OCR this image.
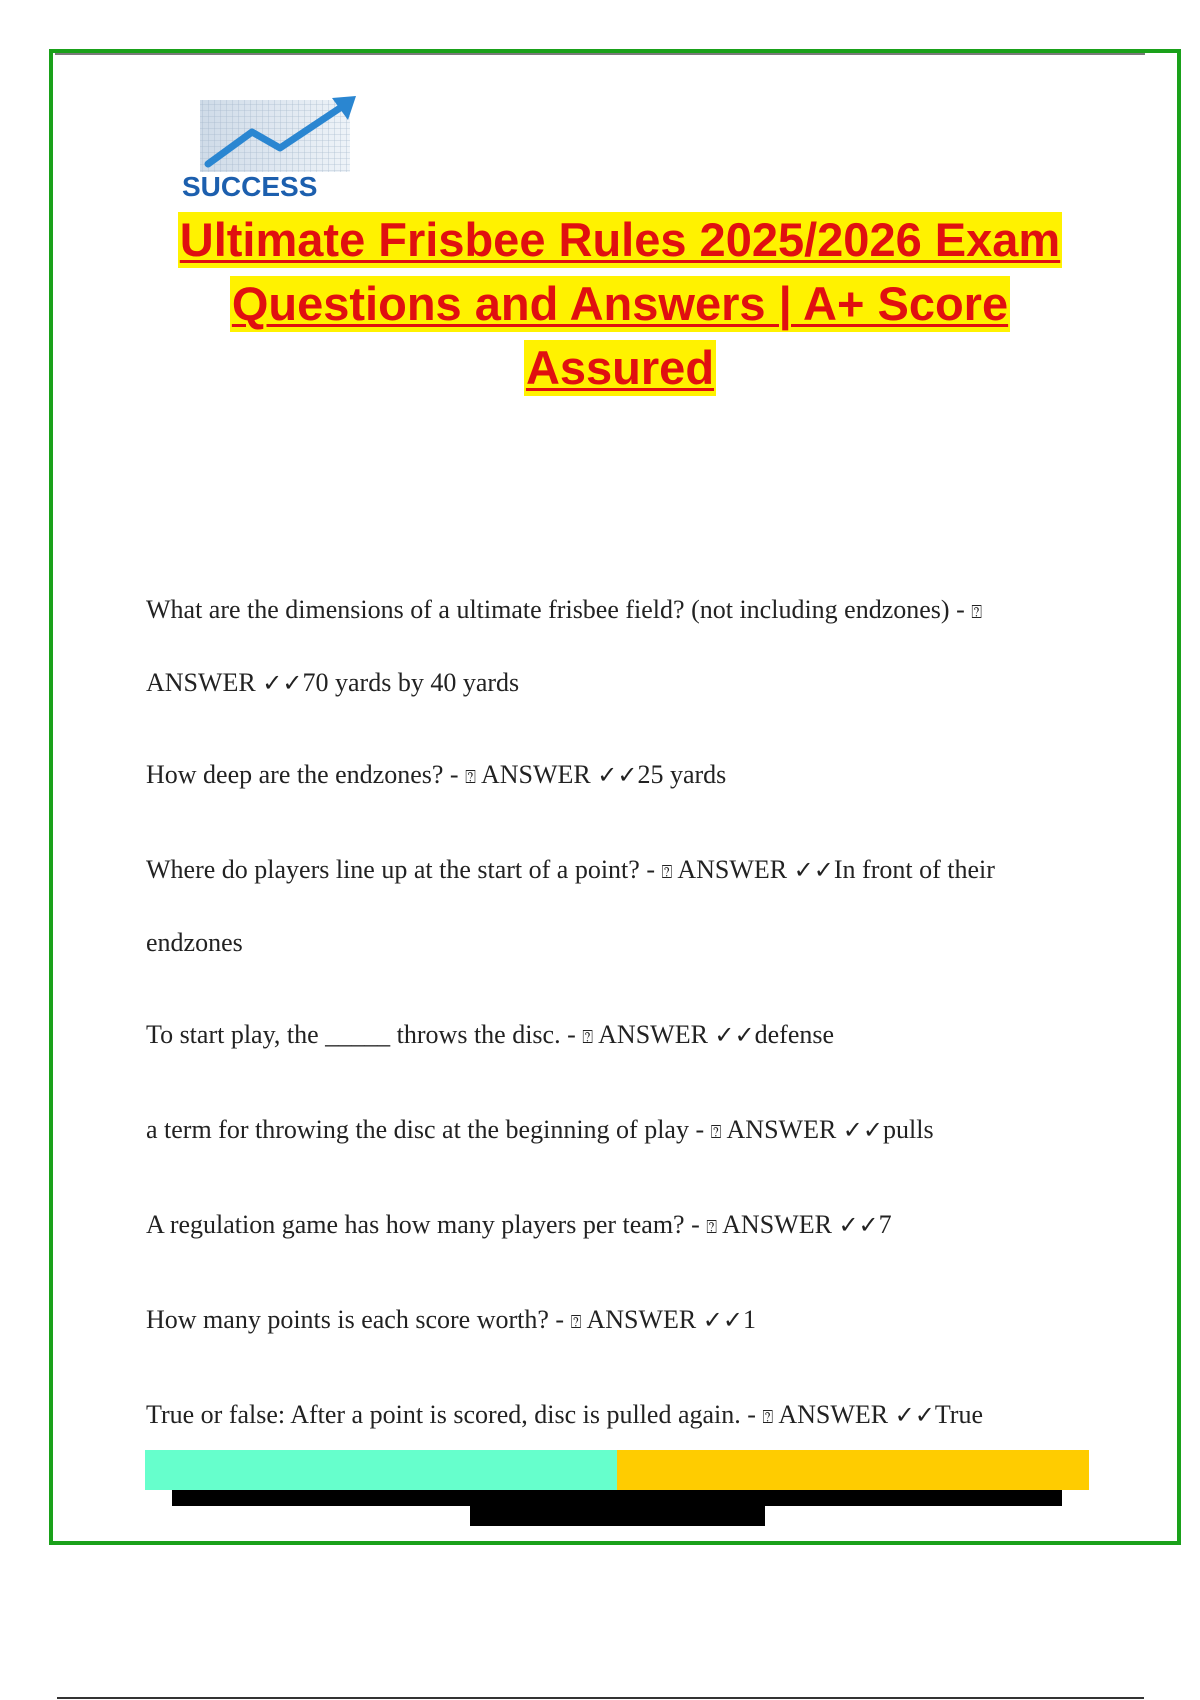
SUCCESS
Ultimate Frisbee Rules 2025/2026 Exam
Questions and Answers | A+ Score
Assured
What are the dimensions of a ultimate frisbee field? (not including endzones) - ⍰ ANSWER ✓✓70 yards by 40 yards
How deep are the endzones? - ⍰ ANSWER ✓✓25 yards
Where do players line up at the start of a point? - ⍰ ANSWER ✓✓In front of their endzones
To start play, the _____ throws the disc. - ⍰ ANSWER ✓✓defense
a term for throwing the disc at the beginning of play - ⍰ ANSWER ✓✓pulls
A regulation game has how many players per team? - ⍰ ANSWER ✓✓7
How many points is each score worth? - ⍰ ANSWER ✓✓1
True or false: After a point is scored, disc is pulled again. - ⍰ ANSWER ✓✓True
